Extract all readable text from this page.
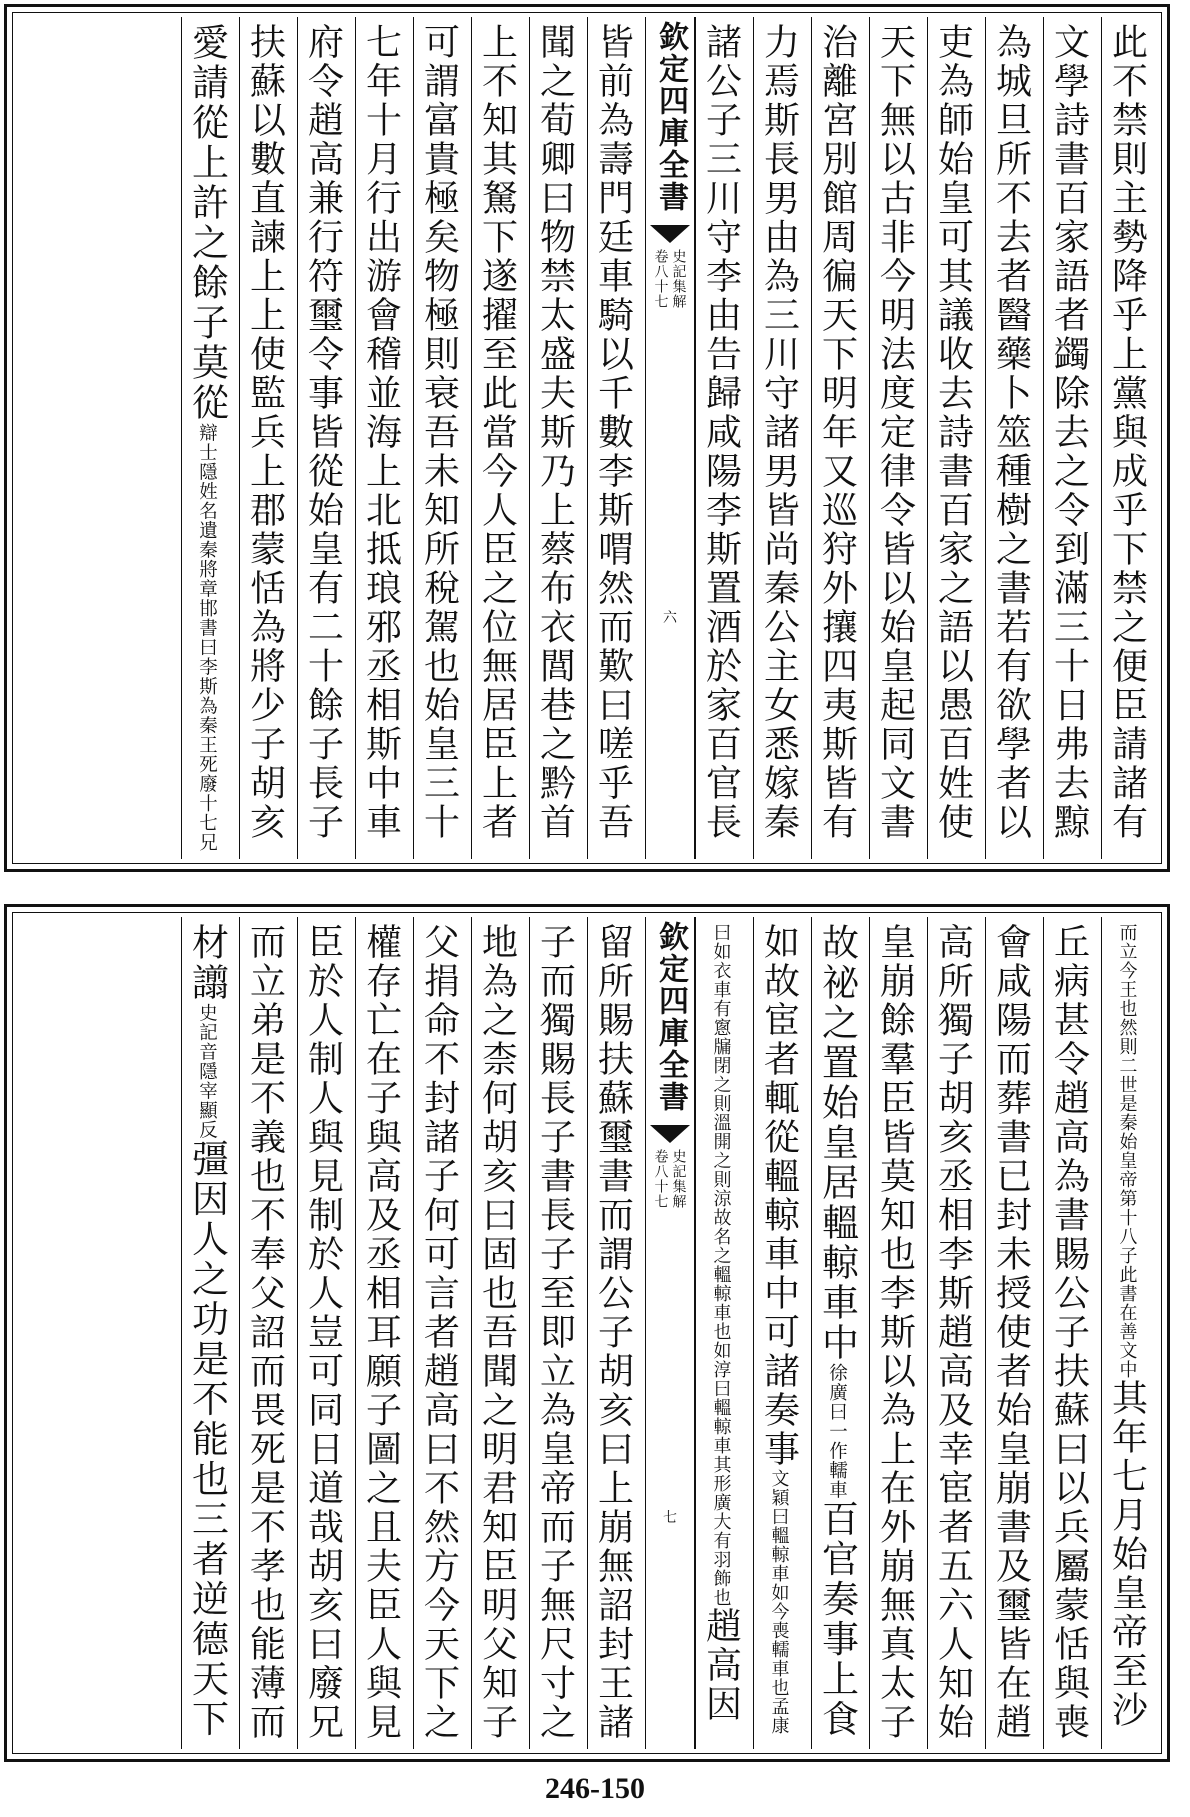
此不禁則主勢降乎上黨與成乎下禁之便臣請諸有
文學詩書百家語者蠲除去之令到滿三十日弗去黥
為城旦所不去者醫藥卜筮種樹之書若有欲學者以
吏為師始皇可其議收去詩書百家之語以愚百姓使
天下無以古非今明法度定律令皆以始皇起同文書
治離宮別館周徧天下明年又巡狩外攘四夷斯皆有
力焉斯長男由為三川守諸男皆尚秦公主女悉嫁秦
諸公子三川守李由告歸咸陽李斯置酒於家百官長
欽定四庫全書
史記集解
卷八十七
六
皆前為壽門廷車騎以千數李斯喟然而歎曰嗟乎吾
聞之荀卿曰物禁太盛夫斯乃上蔡布衣閭巷之黔首
上不知其駑下遂擢至此當今人臣之位無居臣上者
可謂富貴極矣物極則衰吾未知所稅駕也始皇三十
七年十月行出游會稽並海上北抵琅邪丞相斯中車
府令趙高兼行符璽令事皆從始皇有二十餘子長子
扶蘇以數直諫上上使監兵上郡蒙恬為將少子胡亥
愛請從上許之餘子莫從辯士隱姓名遺秦將章邯書曰李斯為秦王死廢十七兄
而立今王也然則二世是秦始皇帝第十八子此書在善文中其年七月始皇帝至沙
丘病甚令趙高為書賜公子扶蘇曰以兵屬蒙恬與喪
會咸陽而葬書已封未授使者始皇崩書及璽皆在趙
高所獨子胡亥丞相李斯趙高及幸宦者五六人知始
皇崩餘羣臣皆莫知也李斯以為上在外崩無真太子
故祕之置始皇居轀輬車中徐廣曰一作轜車百官奏事上食
如故宦者輒從轀輬車中可諸奏事文穎曰轀輬車如今喪轜車也孟康
曰如衣車有窻牖閉之則溫開之則涼故名之轀輬車也如淳曰轀輬車其形廣大有羽飾也趙高因
欽定四庫全書
史記集解
卷八十七
七
留所賜扶蘇璽書而謂公子胡亥曰上崩無詔封王諸
子而獨賜長子書長子至即立為皇帝而子無尺寸之
地為之柰何胡亥曰固也吾聞之明君知臣明父知子
父捐命不封諸子何可言者趙高曰不然方今天下之
權存亡在子與高及丞相耳願子圖之且夫臣人與見
臣於人制人與見制於人豈可同日道哉胡亥曰廢兄
而立弟是不義也不奉父詔而畏死是不孝也能薄而
材譾史記音隱宰顯反彊因人之功是不能也三者逆德天下
246-150
